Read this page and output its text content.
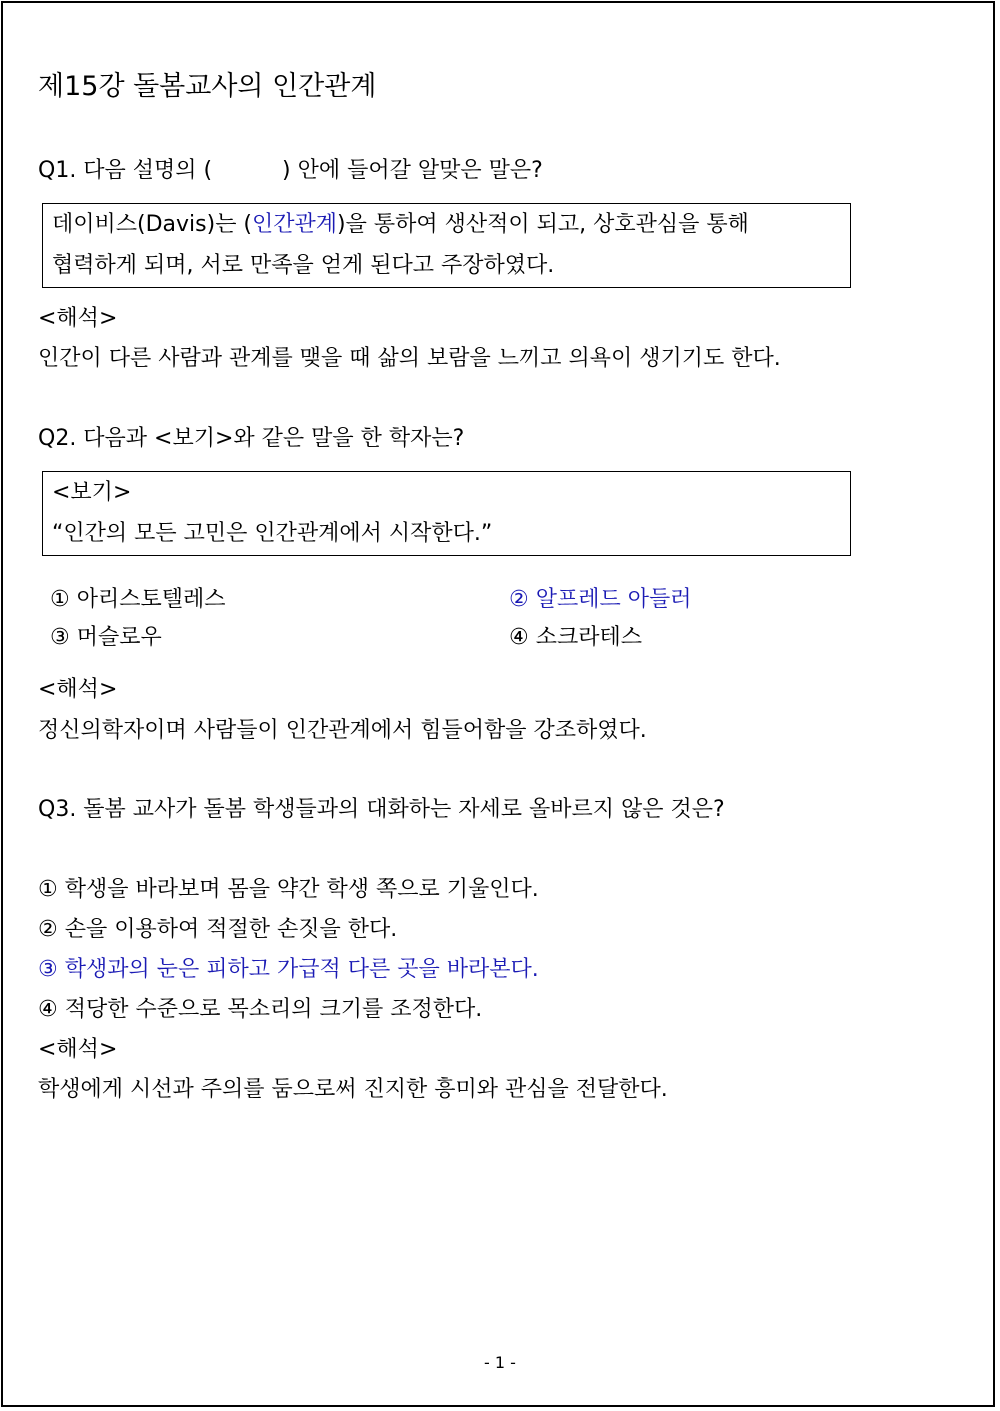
제15강 돌봄교사의 인간관계
Q1. 다음 설명의 (          ) 안에 들어갈 알맞은 말은?
데이비스(Davis)는 (인간관계)을 통하여 생산적이 되고, 상호관심을 통해
협력하게 되며, 서로 만족을 얻게 된다고 주장하였다.
<해석>
인간이 다른 사람과 관계를 맺을 때 삶의 보람을 느끼고 의욕이 생기기도 한다.
Q2. 다음과 <보기>와 같은 말을 한 학자는?
<보기>
“인간의 모든 고민은 인간관계에서 시작한다.”
① 아리스토텔레스	② 알프레드 아들러
③ 머슬로우	④ 소크라테스
<해석>
정신의학자이며 사람들이 인간관계에서 힘들어함을 강조하였다.
Q3. 돌봄 교사가 돌봄 학생들과의 대화하는 자세로 올바르지 않은 것은?
① 학생을 바라보며 몸을 약간 학생 쪽으로 기울인다.
② 손을 이용하여 적절한 손짓을 한다.
③ 학생과의 눈은 피하고 가급적 다른 곳을 바라본다.
④ 적당한 수준으로 목소리의 크기를 조정한다.
<해석>
학생에게 시선과 주의를 둠으로써 진지한 흥미와 관심을 전달한다.
- 1 -
